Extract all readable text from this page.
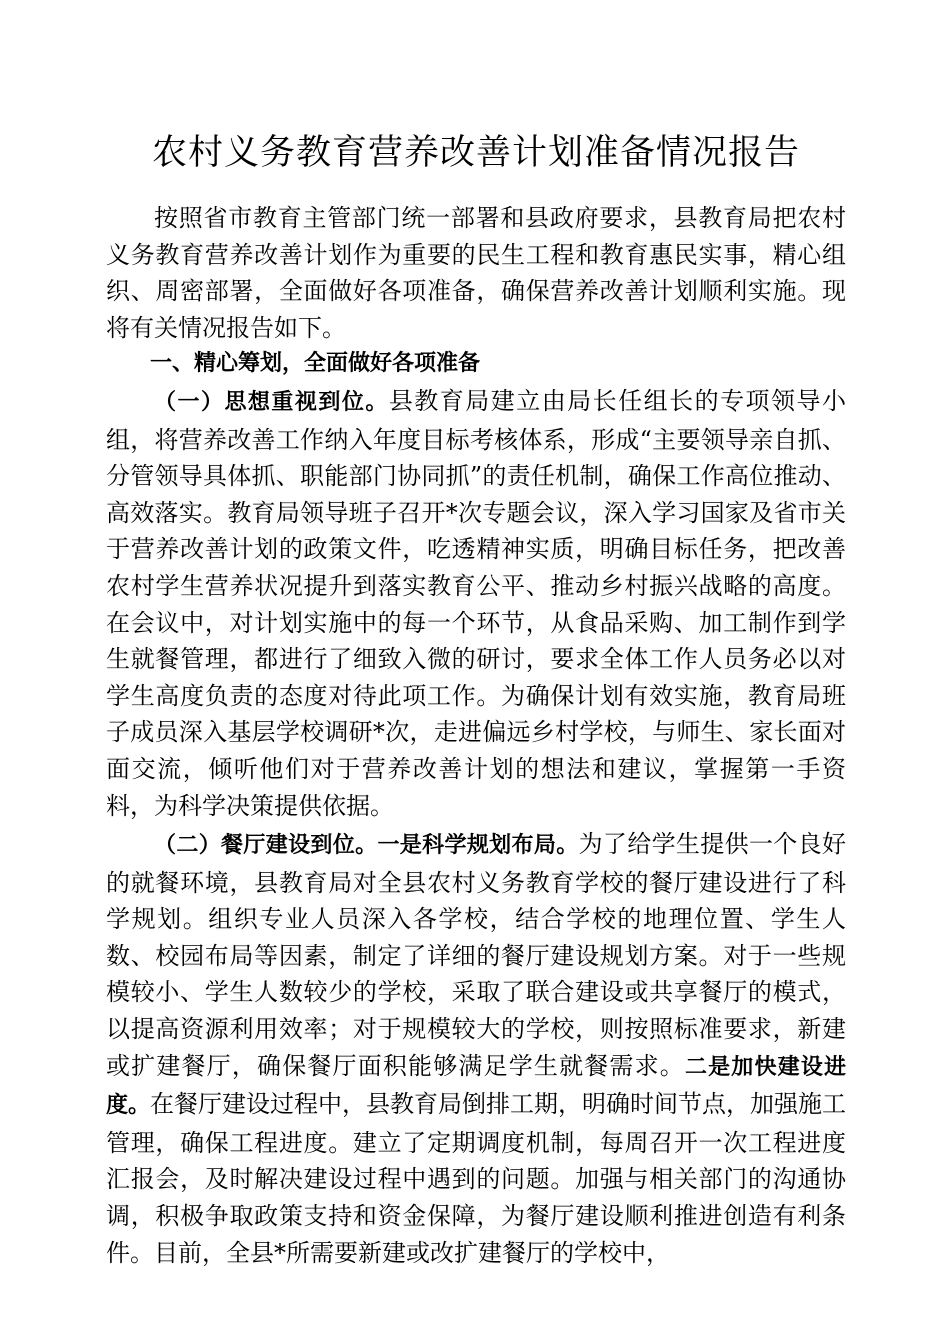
农村义务教育营养改善计划准备情况报告

按照省市教育主管部门统一部署和县政府要求，县教育局把农村义务教育营养改善计划作为重要的民生工程和教育惠民实事，精心组织、周密部署，全面做好各项准备，确保营养改善计划顺利实施。现将有关情况报告如下。

一、精心筹划，全面做好各项准备

（一）思想重视到位。县教育局建立由局长任组长的专项领导小组，将营养改善工作纳入年度目标考核体系，形成“主要领导亲自抓、分管领导具体抓、职能部门协同抓”的责任机制，确保工作高位推动、高效落实。教育局领导班子召开*次专题会议，深入学习国家及省市关于营养改善计划的政策文件，吃透精神实质，明确目标任务，把改善农村学生营养状况提升到落实教育公平、推动乡村振兴战略的高度。在会议中，对计划实施中的每一个环节，从食品采购、加工制作到学生就餐管理，都进行了细致入微的研讨，要求全体工作人员务必以对学生高度负责的态度对待此项工作。为确保计划有效实施，教育局班子成员深入基层学校调研*次，走进偏远乡村学校，与师生、家长面对面交流，倾听他们对于营养改善计划的想法和建议，掌握第一手资料，为科学决策提供依据。

（二）餐厅建设到位。一是科学规划布局。为了给学生提供一个良好的就餐环境，县教育局对全县农村义务教育学校的餐厅建设进行了科学规划。组织专业人员深入各学校，结合学校的地理位置、学生人数、校园布局等因素，制定了详细的餐厅建设规划方案。对于一些规模较小、学生人数较少的学校，采取了联合建设或共享餐厅的模式，以提高资源利用效率；对于规模较大的学校，则按照标准要求，新建或扩建餐厅，确保餐厅面积能够满足学生就餐需求。二是加快建设进度。在餐厅建设过程中，县教育局倒排工期，明确时间节点，加强施工管理，确保工程进度。建立了定期调度机制，每周召开一次工程进度汇报会，及时解决建设过程中遇到的问题。加强与相关部门的沟通协调，积极争取政策支持和资金保障，为餐厅建设顺利推进创造有利条件。目前，全县*所需要新建或改扩建餐厅的学校中，
